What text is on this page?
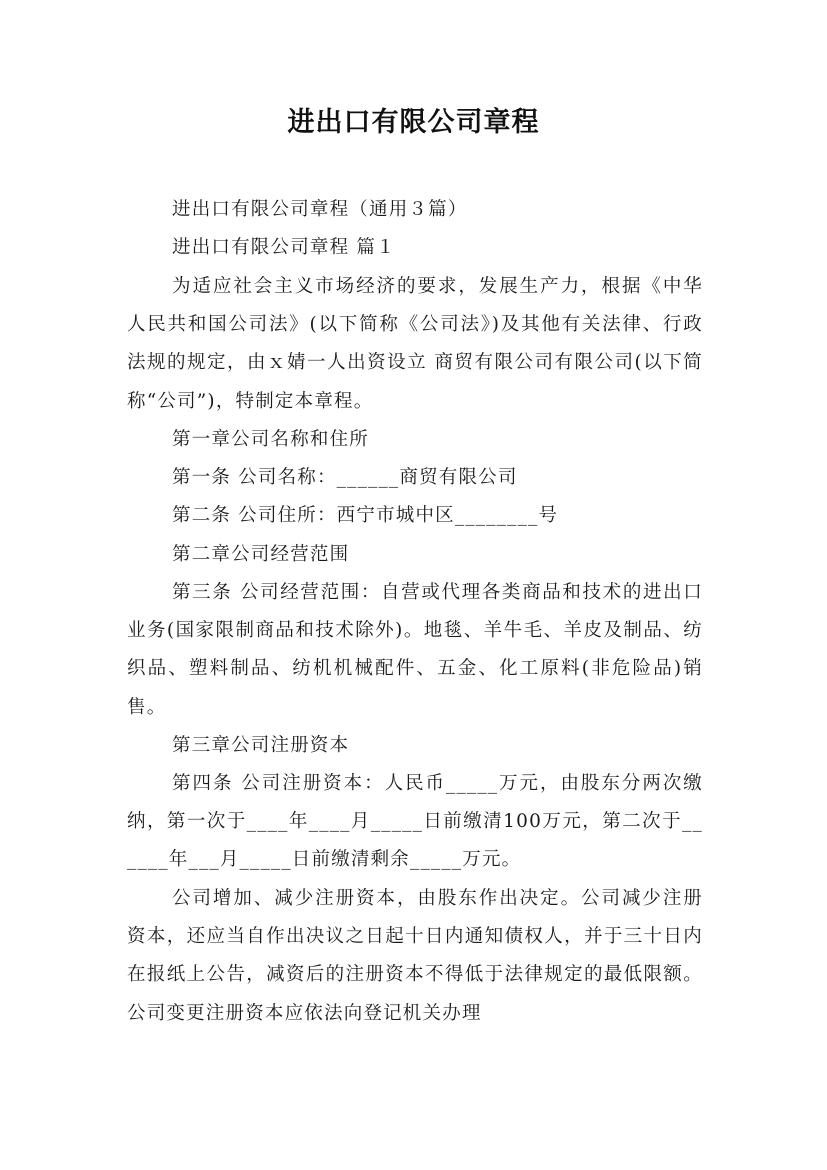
进出口有限公司章程
进出口有限公司章程（通用３篇）
进出口有限公司章程 篇１
为适应社会主义市场经济的要求，发展生产力，根据《中华人民共和国公司法》(以下简称《公司法》)及其他有关法律、行政法规的规定，由ｘ婧一人出资设立 商贸有限公司有限公司(以下简称“公司”)，特制定本章程。
第一章公司名称和住所
第一条 公司名称：______商贸有限公司
第二条 公司住所：西宁市城中区________号
第二章公司经营范围
第三条 公司经营范围：自营或代理各类商品和技术的进出口业务(国家限制商品和技术除外)。地毯、羊牛毛、羊皮及制品、纺织品、塑料制品、纺机机械配件、五金、化工原料(非危险品)销售。
第三章公司注册资本
第四条 公司注册资本：人民币_____万元，由股东分两次缴纳，第一次于____年____月_____日前缴清100万元，第二次于______年___月_____日前缴清剩余_____万元。
公司增加、减少注册资本，由股东作出决定。公司减少注册资本，还应当自作出决议之日起十日内通知债权人，并于三十日内在报纸上公告，减资后的注册资本不得低于法律规定的最低限额。公司变更注册资本应依法向登记机关办理
